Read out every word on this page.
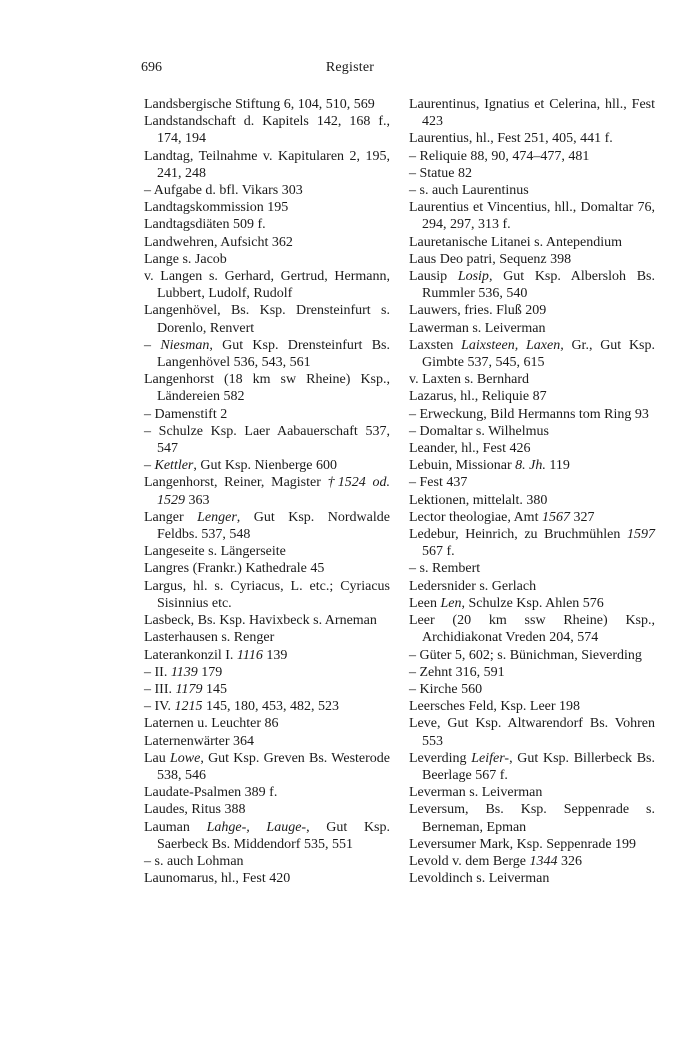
696	Register

Landsbergische Stiftung 6, 104, 510, 569

Landstandschaft d. Kapitels 142, 168 f., 174, 194

Landtag, Teilnahme v. Kapitularen 2, 195, 241, 248

– Aufgabe d. bfl. Vikars 303

Landtagskommission 195

Landtagsdiäten 509 f.

Landwehren, Aufsicht 362

Lange s. Jacob

v. Langen s. Gerhard, Gertrud, Hermann, Lubbert, Ludolf, Rudolf

Langenhövel, Bs. Ksp. Drensteinfurt s. Dorenlo, Renvert

– Niesman, Gut Ksp. Drensteinfurt Bs. Langenhövel 536, 543, 561

Langenhorst (18 km sw Rheine) Ksp., Ländereien 582

– Damenstift 2

– Schulze Ksp. Laer Aabauerschaft 537, 547

– Kettler, Gut Ksp. Nienberge 600

Langenhorst, Reiner, Magister †1524 od. 1529 363

Langer Lenger, Gut Ksp. Nordwalde Feldbs. 537, 548

Langeseite s. Längerseite

Langres (Frankr.) Kathedrale 45

Largus, hl. s. Cyriacus, L. etc.; Cyriacus Sisinnius etc.

Lasbeck, Bs. Ksp. Havixbeck s. Arneman

Lasterhausen s. Renger

Laterankonzil I. 1116 139

– II. 1139 179

– III. 1179 145

– IV. 1215 145, 180, 453, 482, 523

Laternen u. Leuchter 86

Laternenwärter 364

Lau Lowe, Gut Ksp. Greven Bs. Westerode 538, 546

Laudate-Psalmen 389 f.

Laudes, Ritus 388

Lauman Lahge-, Lauge-, Gut Ksp. Saerbeck Bs. Middendorf 535, 551

– s. auch Lohman

Launomarus, hl., Fest 420

Laurentinus, Ignatius et Celerina, hll., Fest 423

Laurentius, hl., Fest 251, 405, 441 f.

– Reliquie 88, 90, 474–477, 481

– Statue 82

– s. auch Laurentinus

Laurentius et Vincentius, hll., Domaltar 76, 294, 297, 313 f.

Lauretanische Litanei s. Antependium

Laus Deo patri, Sequenz 398

Lausip Losip, Gut Ksp. Albersloh Bs. Rummler 536, 540

Lauwers, fries. Fluß 209

Lawerman s. Leiverman

Laxsten Laixsteen, Laxen, Gr., Gut Ksp. Gimbte 537, 545, 615

v. Laxten s. Bernhard

Lazarus, hl., Reliquie 87

– Erweckung, Bild Hermanns tom Ring 93

– Domaltar s. Wilhelmus

Leander, hl., Fest 426

Lebuin, Missionar 8. Jh. 119

– Fest 437

Lektionen, mittelalt. 380

Lector theologiae, Amt 1567 327

Ledebur, Heinrich, zu Bruchmühlen 1597 567 f.

– s. Rembert

Ledersnider s. Gerlach

Leen Len, Schulze Ksp. Ahlen 576

Leer (20 km ssw Rheine) Ksp., Archidiakonat Vreden 204, 574

– Güter 5, 602; s. Bünichman, Sieverding

– Zehnt 316, 591

– Kirche 560

Leersches Feld, Ksp. Leer 198

Leve, Gut Ksp. Altwarendorf Bs. Vohren 553

Leverding Leifer-, Gut Ksp. Billerbeck Bs. Beerlage 567 f.

Leverman s. Leiverman

Leversum, Bs. Ksp. Seppenrade s. Berneman, Epman

Leversumer Mark, Ksp. Seppenrade 199

Levold v. dem Berge 1344 326

Levoldinch s. Leiverman
